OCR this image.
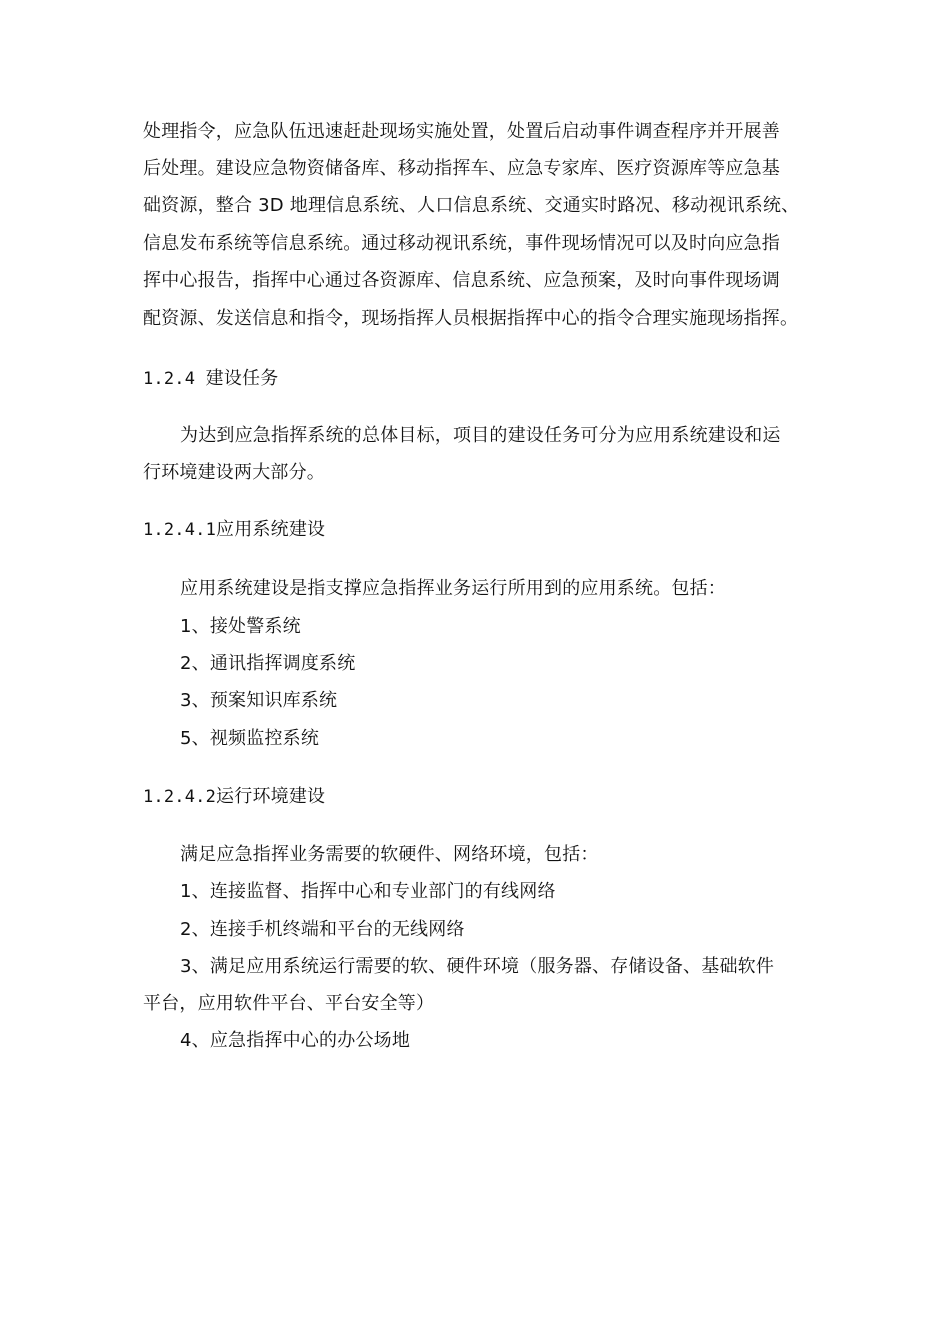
处理指令，应急队伍迅速赶赴现场实施处置，处置后启动事件调查程序并开展善
后处理。建设应急物资储备库、移动指挥车、应急专家库、医疗资源库等应急基
础资源，整合 3D 地理信息系统、人口信息系统、交通实时路况、移动视讯系统、
信息发布系统等信息系统。通过移动视讯系统，事件现场情况可以及时向应急指
挥中心报告，指挥中心通过各资源库、信息系统、应急预案，及时向事件现场调
配资源、发送信息和指令，现场指挥人员根据指挥中心的指令合理实施现场指挥。
1.2.4 建设任务
为达到应急指挥系统的总体目标，项目的建设任务可分为应用系统建设和运
行环境建设两大部分。
1.2.4.1应用系统建设
应用系统建设是指支撑应急指挥业务运行所用到的应用系统。包括：
1、接处警系统
2、通讯指挥调度系统
3、预案知识库系统
5、视频监控系统
1.2.4.2运行环境建设
满足应急指挥业务需要的软硬件、网络环境，包括：
1、连接监督、指挥中心和专业部门的有线网络
2、连接手机终端和平台的无线网络
3、满足应用系统运行需要的软、硬件环境（服务器、存储设备、基础软件
平台，应用软件平台、平台安全等）
4、应急指挥中心的办公场地
